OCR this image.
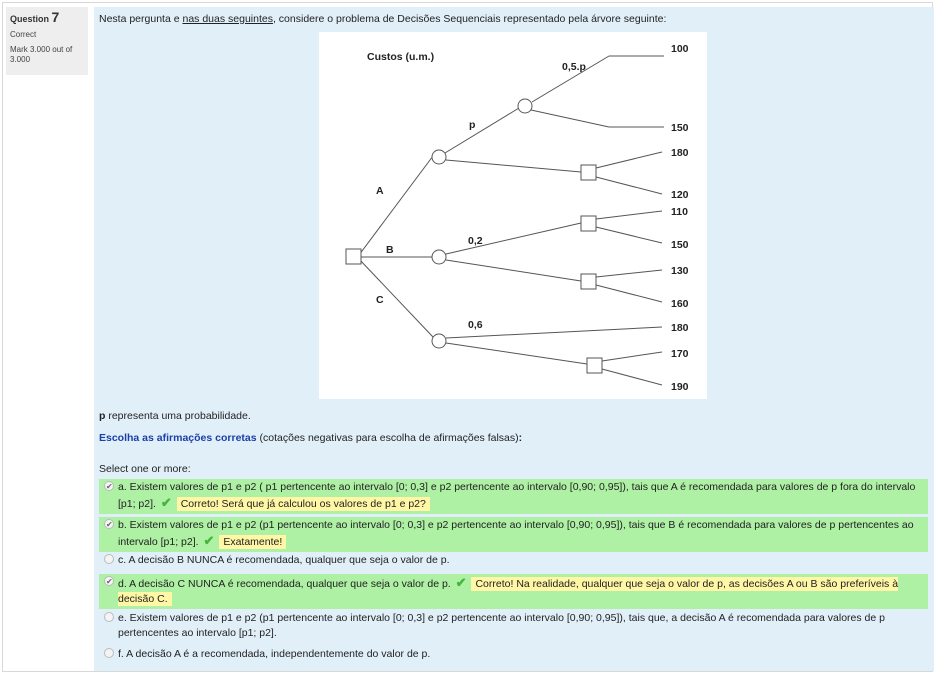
Question 7
Correct
Mark 3.000 out of 3.000
Nesta pergunta e nas duas seguintes, considere o problema de Decisões Sequenciais representado pela árvore seguinte:
Custos (u.m.)
0,5.p
p
A
B
C
0,2
0,6
100
150
180
120
110
150
130
160
180
170
190
p representa uma probabilidade.
Escolha as afirmações corretas (cotações negativas para escolha de afirmações falsas):
Select one or more:
✔
a. Existem valores de p1 e p2 ( p1 pertencente ao intervalo [0; 0,3] e p2 pertencente ao intervalo [0,90; 0,95]), tais que A é recomendada para valores de p fora do intervalo [p1; p2]. ✔ Correto! Será que já calculou os valores de p1 e p2?
✔
b. Existem valores de p1 e p2 (p1 pertencente ao intervalo [0; 0,3] e p2 pertencente ao intervalo [0,90; 0,95]), tais que B é recomendada para valores de p pertencentes ao intervalo [p1; p2]. ✔ Exatamente!
c. A decisão B NUNCA é recomendada, qualquer que seja o valor de p.
✔
d. A decisão C NUNCA é recomendada, qualquer que seja o valor de p. ✔ Correto! Na realidade, qualquer que seja o valor de p, as decisões A ou B são preferíveis à decisão C.
e. Existem valores de p1 e p2 (p1 pertencente ao intervalo [0; 0,3] e p2 pertencente ao intervalo [0,90; 0,95]), tais que, a decisão A é recomendada para valores de p pertencentes ao intervalo [p1; p2].
f. A decisão A é a recomendada, independentemente do valor de p.
